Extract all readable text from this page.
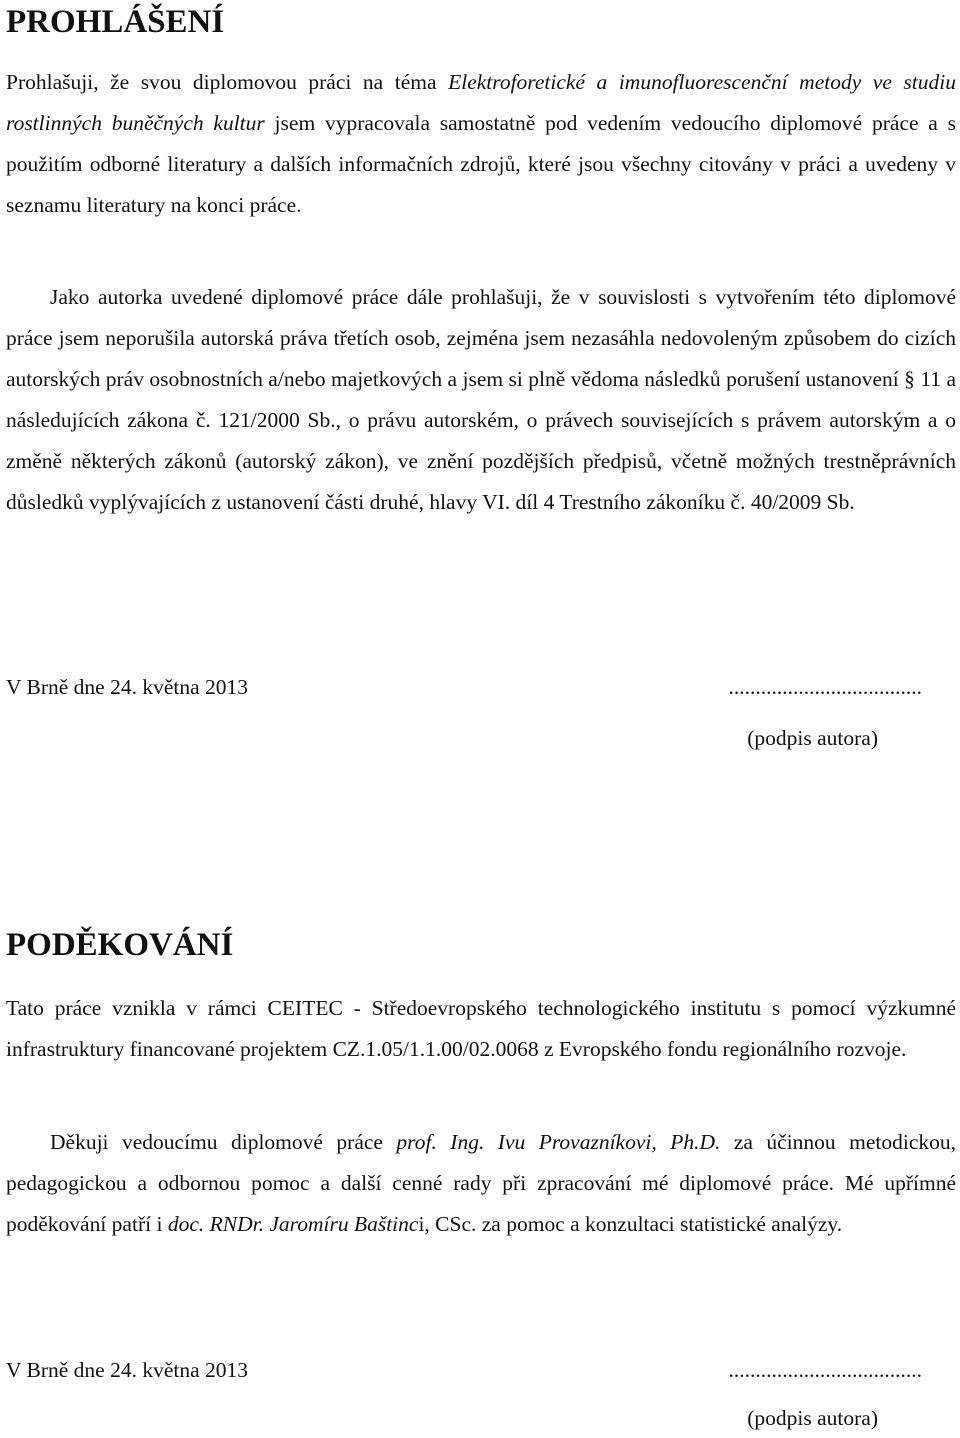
PROHLÁŠENÍ

Prohlašuji, že svou diplomovou práci na téma Elektroforetické a imunofluorescenční metody ve studiu rostlinných buněčných kultur jsem vypracovala samostatně pod vedením vedoucího diplomové práce a s použitím odborné literatury a dalších informačních zdrojů, které jsou všechny citovány v práci a uvedeny v seznamu literatury na konci práce.

Jako autorka uvedené diplomové práce dále prohlašuji, že v souvislosti s vytvořením této diplomové práce jsem neporušila autorská práva třetích osob, zejména jsem nezasáhla nedovoleným způsobem do cizích autorských práv osobnostních a/nebo majetkových a jsem si plně vědoma následků porušení ustanovení § 11 a následujících zákona č. 121/2000 Sb., o právu autorském, o právech souvisejících s právem autorským a o změně některých zákonů (autorský zákon), ve znění pozdějších předpisů, včetně možných trestněprávních důsledků vyplývajících z ustanovení části druhé, hlavy VI. díl 4 Trestního zákoníku č. 40/2009 Sb.

V Brně dne 24. května 2013	....................................
(podpis autora)
PODĚKOVÁNÍ

Tato práce vznikla v rámci CEITEC - Středoevropského technologického institutu s pomocí výzkumné infrastruktury financované projektem CZ.1.05/1.1.00/02.0068 z Evropského fondu regionálního rozvoje.

Děkuji vedoucímu diplomové práce prof. Ing. Ivu Provazníkovi, Ph.D. za účinnou metodickou, pedagogickou a odbornou pomoc a další cenné rady při zpracování mé diplomové práce. Mé upřímné poděkování patří i doc. RNDr. Jaromíru Baštinci, CSc. za pomoc a konzultaci statistické analýzy.

V Brně dne 24. května 2013	....................................
(podpis autora)
